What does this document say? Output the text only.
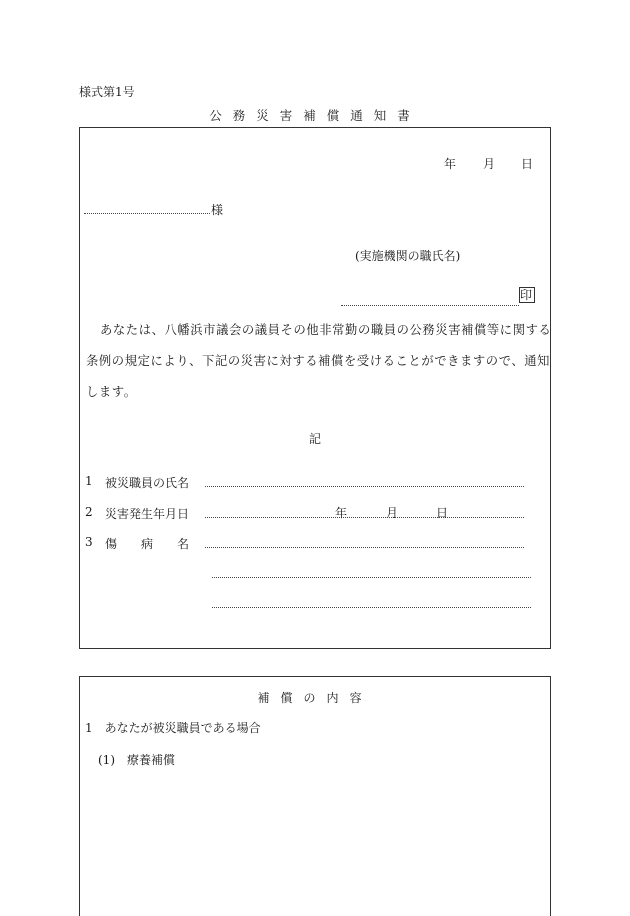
様式第1号
公務災害補償通知書
年 月 日
様
(実施機関の職氏名)
印
あなたは、八幡浜市議会の議員その他非常勤の職員の公務災害補償等に関する
条例の規定により、下記の災害に対する補償を受けることができますので、通知
します。
記
1 被災職員の氏名
2 災害発生年月日	年	月	日
3 傷　　病　　名
補償の内容
1　あなたが被災職員である場合
(1)　療養補償
